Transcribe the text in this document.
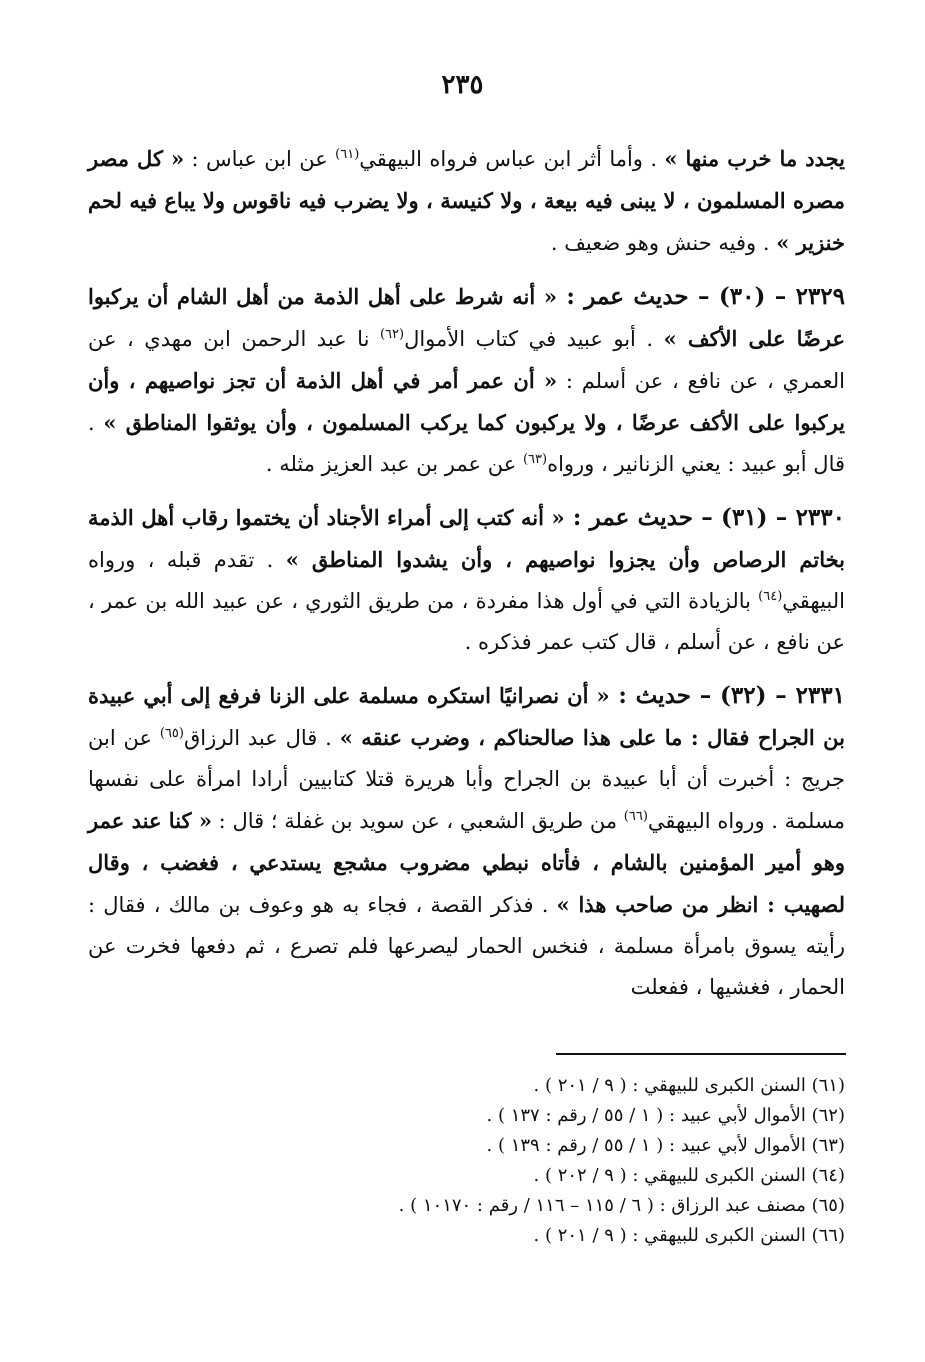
٢٣٥

يجدد ما خرب منها » . وأما أثر ابن عباس فرواه البيهقي$^{(٦١)}$ عن ابن عباس : « كل مصر مصره المسلمون ، لا يبنى فيه بيعة ، ولا كنيسة ، ولا يضرب فيه ناقوس ولا يباع فيه لحم خنزير » . وفيه حنش وهو ضعيف .

٢٣٢٩ – (٣٠) – حديث عمر : « أنه شرط على أهل الذمة من أهل الشام أن يركبوا عرضًا على الأكف » . أبو عبيد في كتاب الأموال$^{(٦٢)}$ نا عبد الرحمن ابن مهدي ، عن العمري ، عن نافع ، عن أسلم : « أن عمر أمر في أهل الذمة أن تجز نواصيهم ، وأن يركبوا على الأكف عرضًا ، ولا يركبون كما يركب المسلمون ، وأن يوثقوا المناطق » . قال أبو عبيد : يعني الزنانير ، ورواه$^{(٦٣)}$ عن عمر بن عبد العزيز مثله .

٢٣٣٠ – (٣١) – حديث عمر : « أنه كتب إلى أمراء الأجناد أن يختموا رقاب أهل الذمة بخاتم الرصاص وأن يجزوا نواصيهم ، وأن يشدوا المناطق » . تقدم قبله ، ورواه البيهقي$^{(٦٤)}$ بالزيادة التي في أول هذا مفردة ، من طريق الثوري ، عن عبيد الله بن عمر ، عن نافع ، عن أسلم ، قال كتب عمر فذكره .

٢٣٣١ – (٣٢) – حديث : « أن نصرانيًا استكره مسلمة على الزنا فرفع إلى أبي عبيدة بن الجراح فقال : ما على هذا صالحناكم ، وضرب عنقه » . قال عبد الرزاق$^{(٦٥)}$ عن ابن جريج : أخبرت أن أبا عبيدة بن الجراح وأبا هريرة قتلا كتابيين أرادا امرأة على نفسها مسلمة . ورواه البيهقي$^{(٦٦)}$ من طريق الشعبي ، عن سويد بن غفلة ؛ قال : « كنا عند عمر وهو أمير المؤمنين بالشام ، فأتاه نبطي مضروب مشجع يستدعي ، فغضب ، وقال لصهيب : انظر من صاحب هذا » . فذكر القصة ، فجاء به هو وعوف بن مالك ، فقال : رأيته يسوق بامرأة مسلمة ، فنخس الحمار ليصرعها فلم تصرع ، ثم دفعها فخرت عن الحمار ، فغشيها ، ففعلت

(٦١) السنن الكبرى للبيهقي : ( ٩ / ٢٠١ ) .
(٦٢) الأموال لأبي عبيد : ( ١ / ٥٥ / رقم : ١٣٧ ) .
(٦٣) الأموال لأبي عبيد : ( ١ / ٥٥ / رقم : ١٣٩ ) .
(٦٤) السنن الكبرى للبيهقي : ( ٩ / ٢٠٢ ) .
(٦٥) مصنف عبد الرزاق : ( ٦ / ١١٥ – ١١٦ / رقم : ١٠١٧٠ ) .
(٦٦) السنن الكبرى للبيهقي : ( ٩ / ٢٠١ ) .
